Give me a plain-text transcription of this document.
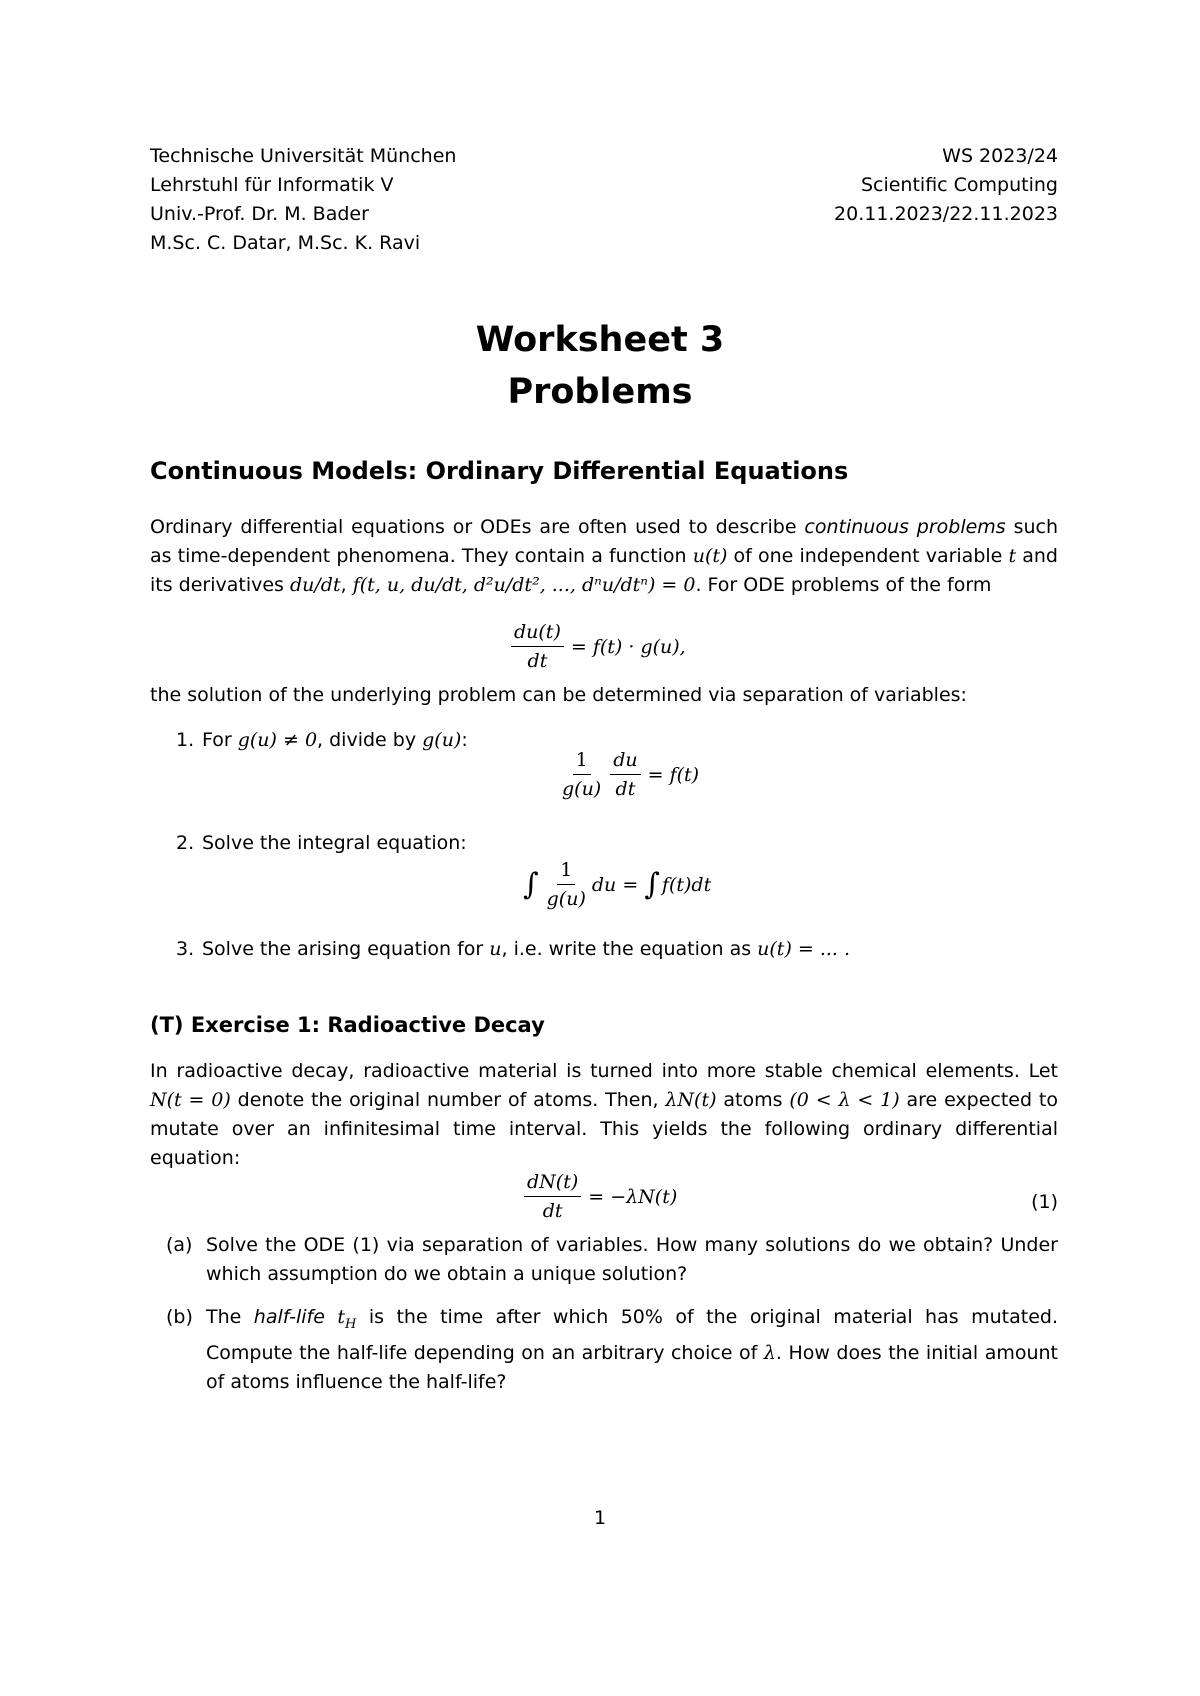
Technische Universität München
Lehrstuhl für Informatik V
Univ.-Prof. Dr. M. Bader
M.Sc. C. Datar, M.Sc. K. Ravi
WS 2023/24
Scientific Computing
20.11.2023/22.11.2023
Worksheet 3
Problems
Continuous Models: Ordinary Differential Equations
Ordinary differential equations or ODEs are often used to describe continuous problems such as time-dependent phenomena. They contain a function u(t) of one independent variable t and its derivatives du/dt, f(t, u, du/dt, d²u/dt², ..., dⁿu/dtⁿ) = 0. For ODE problems of the form
$\frac{du(t)}{dt} = f(t) \cdot g(u)$,
the solution of the underlying problem can be determined via separation of variables:
1. For g(u) ≠ 0, divide by g(u):
$\frac{1}{g(u)} \frac{du}{dt} = f(t)$
2. Solve the integral equation:
∫ $\frac{1}{g(u)}$ du = ∫ f(t)dt
3. Solve the arising equation for u, i.e. write the equation as u(t) = ... .
(T) Exercise 1: Radioactive Decay
In radioactive decay, radioactive material is turned into more stable chemical elements. Let N(t = 0) denote the original number of atoms. Then, λN(t) atoms (0 < λ < 1) are expected to mutate over an infinitesimal time interval. This yields the following ordinary differential equation:
$\frac{dN(t)}{dt} = -\lambda N(t)$	(1)
(a) Solve the ODE (1) via separation of variables. How many solutions do we obtain? Under which assumption do we obtain a unique solution?
(b) The half-life $t_H$ is the time after which 50% of the original material has mutated. Compute the half-life depending on an arbitrary choice of λ. How does the initial amount of atoms influence the half-life?
1
